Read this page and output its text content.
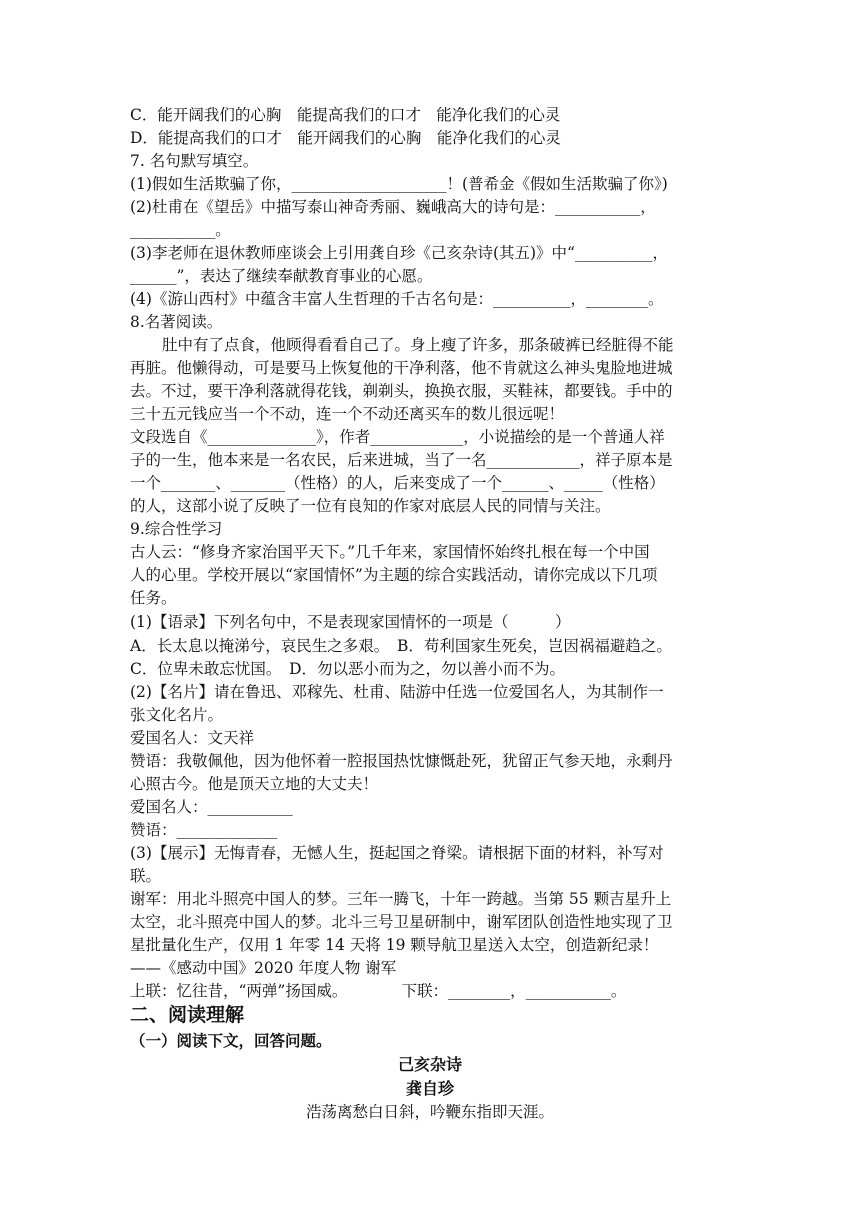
C．能开阔我们的心胸　能提高我们的口才　能净化我们的心灵
D．能提高我们的口才　能开阔我们的心胸　能净化我们的心灵
7. 名句默写填空。
(1)假如生活欺骗了你，____________________！(普希金《假如生活欺骗了你》)
(2)杜甫在《望岳》中描写泰山神奇秀丽、巍峨高大的诗句是：___________，
___________。
(3)李老师在退休教师座谈会上引用龚自珍《己亥杂诗(其五)》中“__________，
______”，表达了继续奉献教育事业的心愿。
(4)《游山西村》中蕴含丰富人生哲理的千古名句是：__________，________。
8.名著阅读。
肚中有了点食，他顾得看看自己了。身上瘦了许多，那条破裤已经脏得不能
再脏。他懒得动，可是要马上恢复他的干净利落，他不肯就这么神头鬼脸地进城
去。不过，要干净利落就得花钱，剃剃头，换换衣服，买鞋袜，都要钱。手中的
三十五元钱应当一个不动，连一个不动还离买车的数儿很远呢！
文段选自《______________》，作者____________，小说描绘的是一个普通人祥
子的一生，他本来是一名农民，后来进城，当了一名____________，祥子原本是
一个_______、_______（性格）的人，后来变成了一个______、_____（性格）
的人，这部小说了反映了一位有良知的作家对底层人民的同情与关注。
9.综合性学习
古人云：“修身齐家治国平天下。”几千年来，家国情怀始终扎根在每一个中国
人的心里。学校开展以“家国情怀”为主题的综合实践活动，请你完成以下几项
任务。
(1)【语录】下列名句中，不是表现家国情怀的一项是（　　　）
A．长太息以掩涕兮，哀民生之多艰。　B．苟利国家生死矣，岂因祸福避趋之。
C．位卑未敢忘忧国。　D．勿以恶小而为之，勿以善小而不为。
(2)【名片】请在鲁迅、邓稼先、杜甫、陆游中任选一位爱国名人，为其制作一
张文化名片。
爱国名人：文天祥
赞语：我敬佩他，因为他怀着一腔报国热忱慷慨赴死，犹留正气参天地，永剩丹
心照古今。他是顶天立地的大丈夫！
爱国名人：___________
赞语：_____________
(3)【展示】无悔青春，无憾人生，挺起国之脊梁。请根据下面的材料，补写对
联。
谢军：用北斗照亮中国人的梦。三年一腾飞，十年一跨越。当第 55 颗吉星升上
太空，北斗照亮中国人的梦。北斗三号卫星研制中，谢军团队创造性地实现了卫
星批量化生产，仅用 1 年零 14 天将 19 颗导航卫星送入太空，创造新纪录！
——《感动中国》2020 年度人物 谢军
上联：忆往昔，“两弹”扬国威。　　　　下联：________，___________。
二、阅读理解
（一）阅读下文，回答问题。
己亥杂诗
龚自珍
浩荡离愁白日斜，吟鞭东指即天涯。
